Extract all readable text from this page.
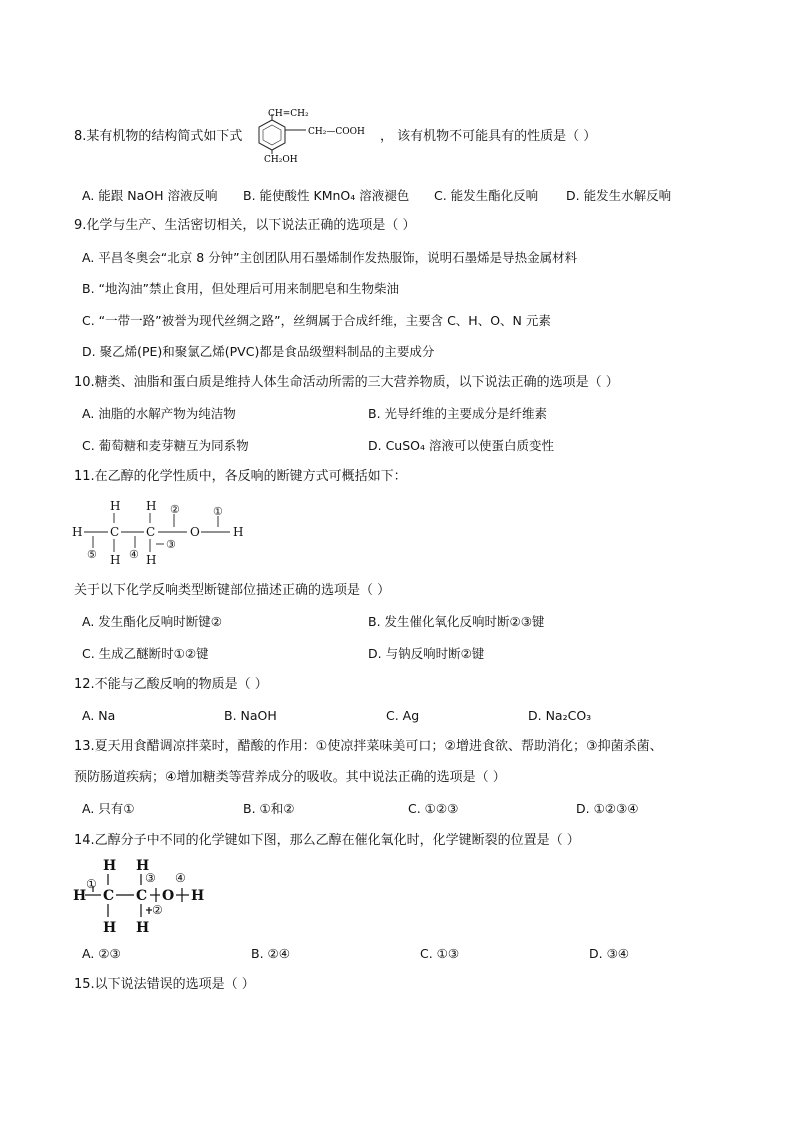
8.某有机物的结构简式如下式
CH=CH₂
CH₂—COOH
CH₂OH
， 该有机物不可能具有的性质是（ ）
A. 能跟 NaOH 溶液反响 B. 能使酸性 KMnO₄ 溶液褪色 C. 能发生酯化反响 D. 能发生水解反响
9.化学与生产、生活密切相关，以下说法正确的选项是（ ）
A. 平昌冬奥会“北京 8 分钟”主创团队用石墨烯制作发热服饰，说明石墨烯是导热金属材料
B. “地沟油”禁止食用，但处理后可用来制肥皂和生物柴油
C. “一带一路”被誉为现代丝绸之路”，丝绸属于合成纤维，主要含 C、H、O、N 元素
D. 聚乙烯(PE)和聚氯乙烯(PVC)都是食品级塑料制品的主要成分
10.糖类、油脂和蛋白质是维持人体生命活动所需的三大营养物质，以下说法正确的选项是（ ）
A. 油脂的水解产物为纯洁物	B. 光导纤维的主要成分是纤维素
C. 葡萄糖和麦芽糖互为同系物	D. CuSO₄ 溶液可以使蛋白质变性
11.在乙醇的化学性质中，各反响的断键方式可概括如下：
H H
H C C	O	H
H H
②	①
③
④
⑤
关于以下化学反响类型断键部位描述正确的选项是（ ）
A. 发生酯化反响时断键②	B. 发生催化氧化反响时断②③键
C. 生成乙醚断时①②键	D. 与钠反响时断②键
12.不能与乙酸反响的物质是（ ）
A. Na	B. NaOH	C. Ag	D. Na₂CO₃
13.夏天用食醋调凉拌菜时，醋酸的作用：①使凉拌菜味美可口；②增进食欲、帮助消化；③抑菌杀菌、
预防肠道疾病；④增加糖类等营养成分的吸收。其中说法正确的选项是（ ）
A. 只有①	B. ①和②	C. ①②③	D. ①②③④
14.乙醇分子中不同的化学键如下图，那么乙醇在催化氧化时，化学键断裂的位置是（ ）
H H
H C C O H
H H
①	③ ④
②
A. ②③	B. ②④	C. ①③	D. ③④
15.以下说法错误的选项是（ ）
